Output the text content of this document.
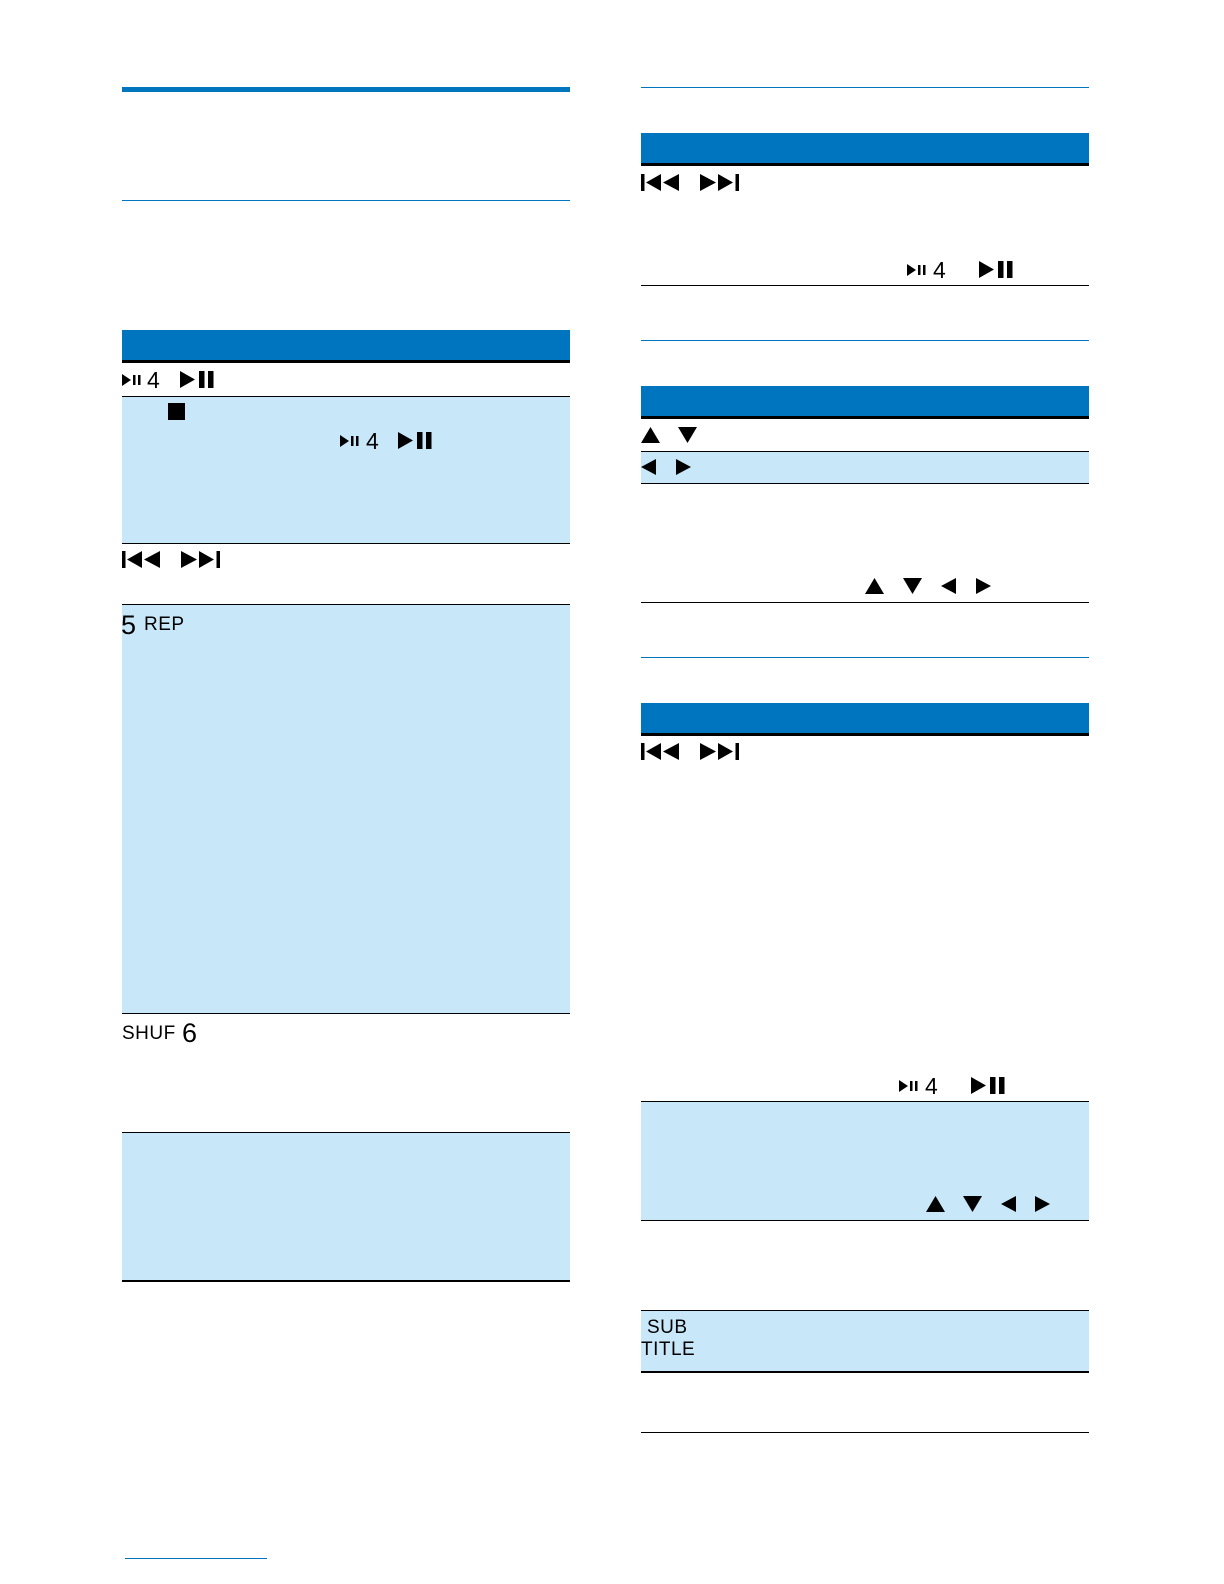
4
4
5 REP
SHUF 6
4
4
SUB
TITLE
